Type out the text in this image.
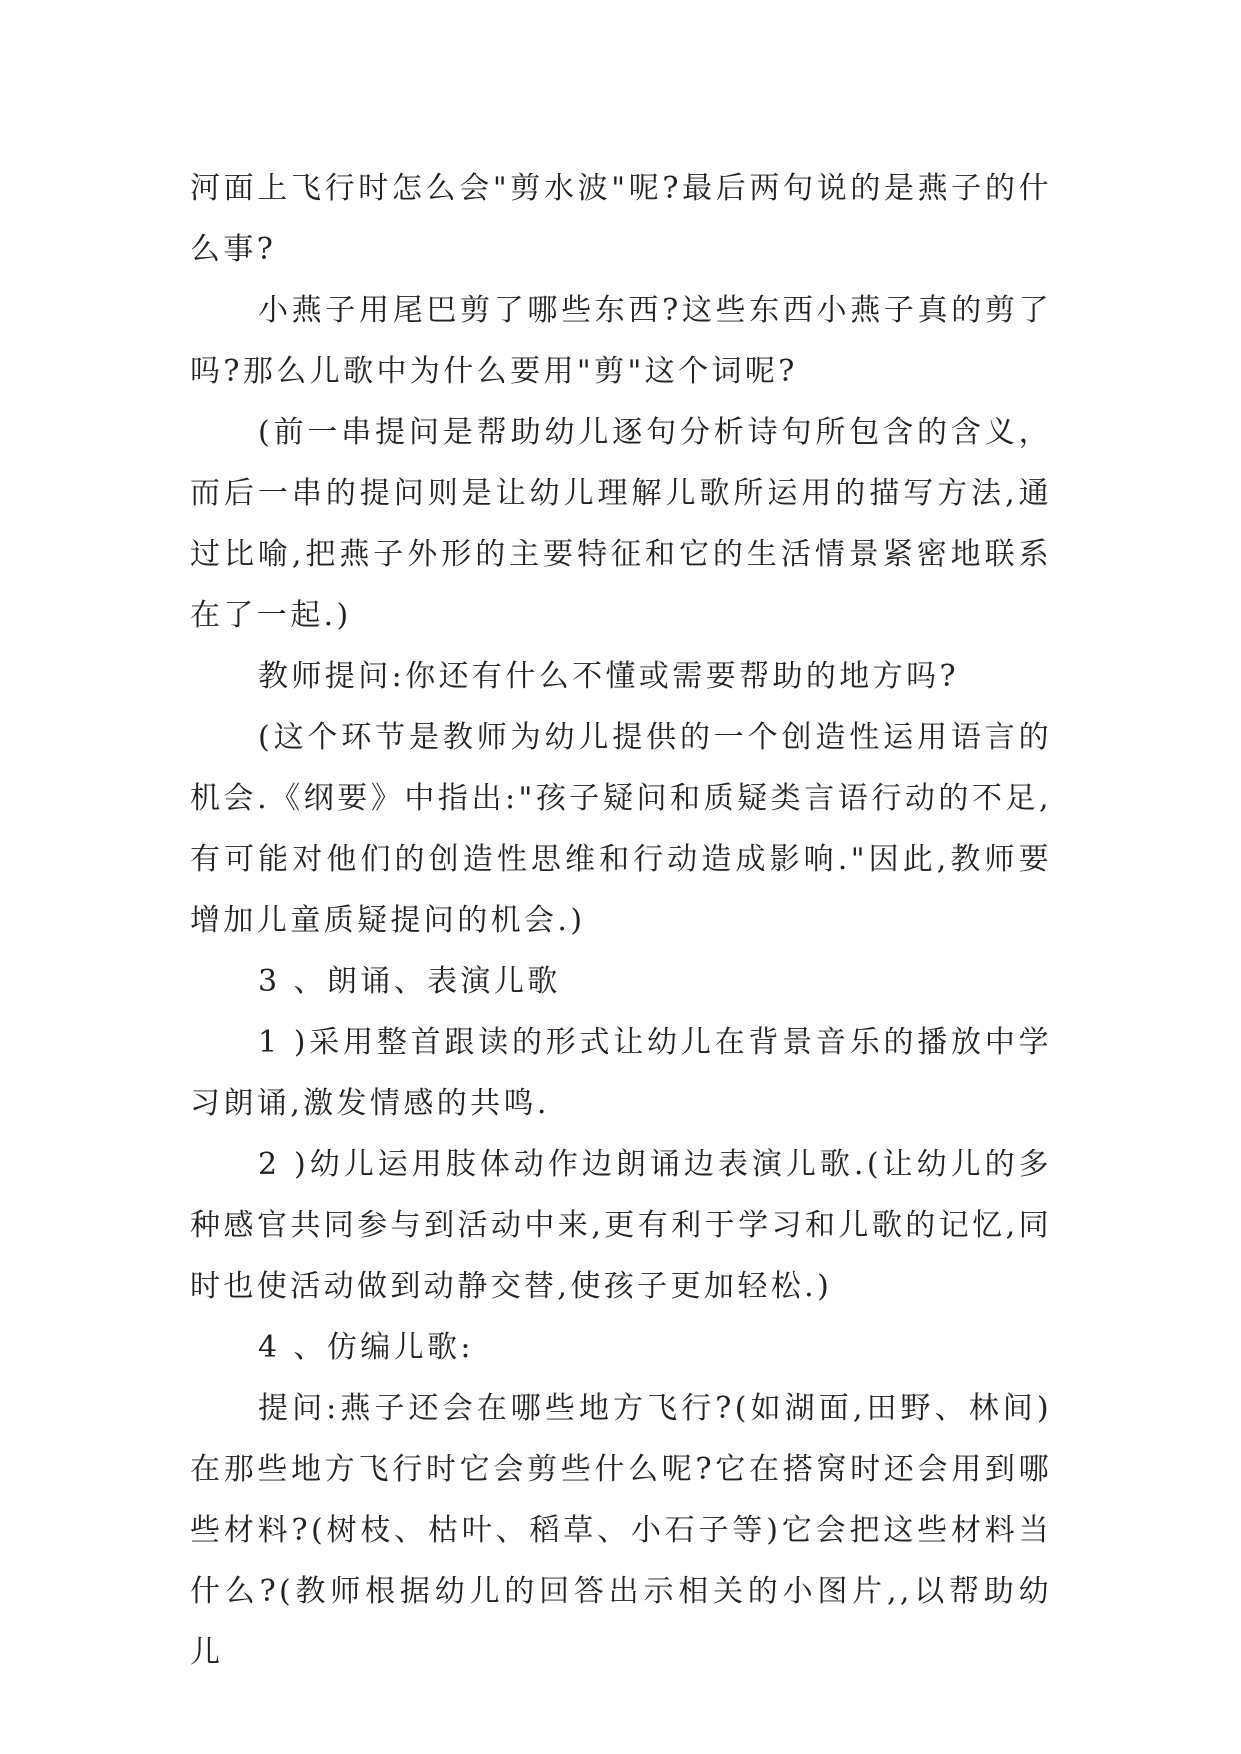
河面上飞行时怎么会"剪水波"呢?最后两句说的是燕子的什么事?

小燕子用尾巴剪了哪些东西?这些东西小燕子真的剪了吗?那么儿歌中为什么要用"剪"这个词呢?

(前一串提问是帮助幼儿逐句分析诗句所包含的含义，而后一串的提问则是让幼儿理解儿歌所运用的描写方法,通过比喻,把燕子外形的主要特征和它的生活情景紧密地联系在了一起.)

教师提问:你还有什么不懂或需要帮助的地方吗?

(这个环节是教师为幼儿提供的一个创造性运用语言的机会.《纲要》中指出:"孩子疑问和质疑类言语行动的不足,有可能对他们的创造性思维和行动造成影响."因此,教师要增加儿童质疑提问的机会.)

3 、朗诵、表演儿歌

1 )采用整首跟读的形式让幼儿在背景音乐的播放中学习朗诵,激发情感的共鸣.

2 )幼儿运用肢体动作边朗诵边表演儿歌.(让幼儿的多种感官共同参与到活动中来,更有利于学习和儿歌的记忆,同时也使活动做到动静交替,使孩子更加轻松.)

4 、仿编儿歌:

提问:燕子还会在哪些地方飞行?(如湖面,田野、林间)在那些地方飞行时它会剪些什么呢?它在搭窝时还会用到哪些材料?(树枝、枯叶、稻草、小石子等)它会把这些材料当什么?(教师根据幼儿的回答出示相关的小图片,,以帮助幼儿
